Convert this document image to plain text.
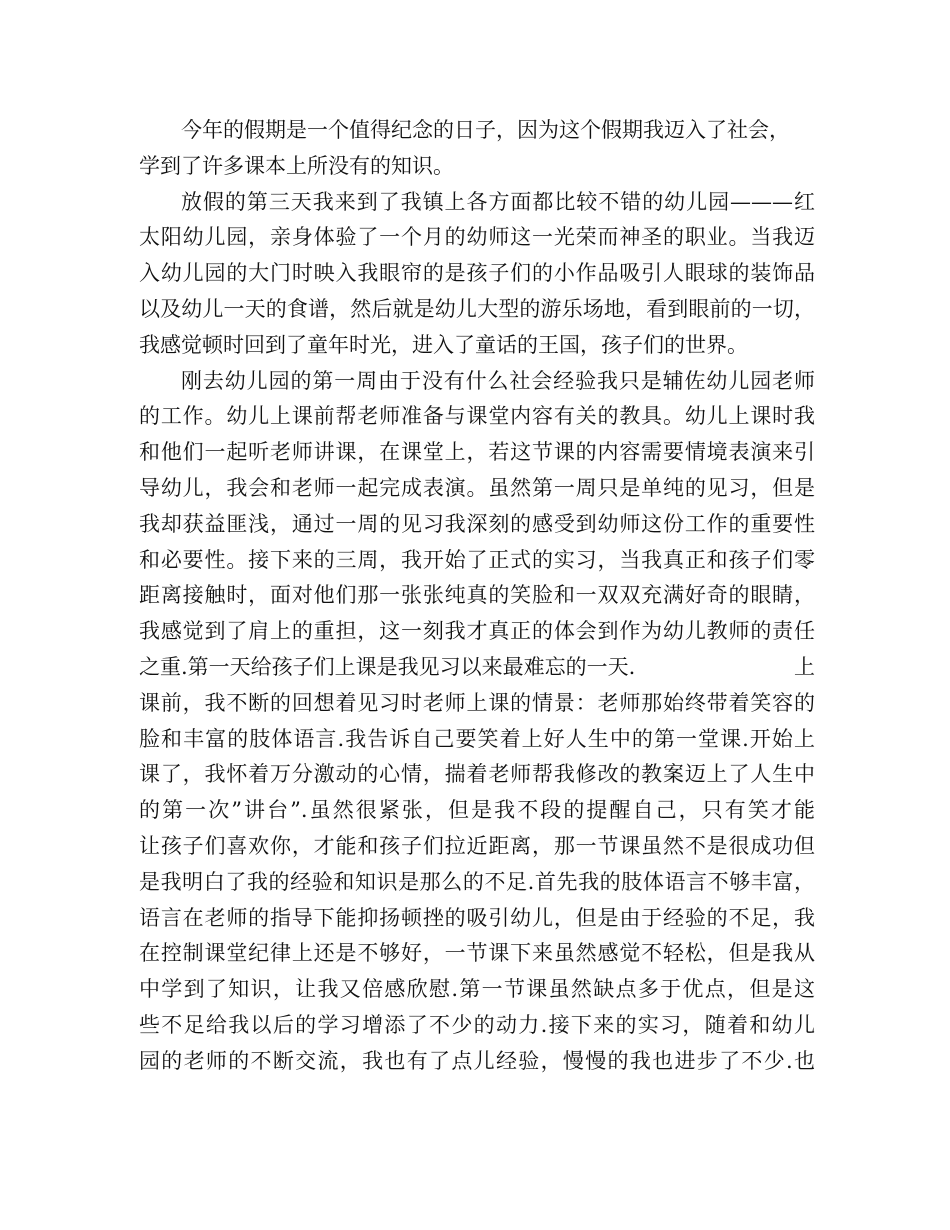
今年的假期是一个值得纪念的日子，因为这个假期我迈入了社会，
学到了许多课本上所没有的知识。
放假的第三天我来到了我镇上各方面都比较不错的幼儿园———红
太阳幼儿园，亲身体验了一个月的幼师这一光荣而神圣的职业。当我迈
入幼儿园的大门时映入我眼帘的是孩子们的小作品吸引人眼球的装饰品
以及幼儿一天的食谱，然后就是幼儿大型的游乐场地，看到眼前的一切，
我感觉顿时回到了童年时光，进入了童话的王国，孩子们的世界。
刚去幼儿园的第一周由于没有什么社会经验我只是辅佐幼儿园老师
的工作。幼儿上课前帮老师准备与课堂内容有关的教具。幼儿上课时我
和他们一起听老师讲课，在课堂上，若这节课的内容需要情境表演来引
导幼儿，我会和老师一起完成表演。虽然第一周只是单纯的见习，但是
我却获益匪浅，通过一周的见习我深刻的感受到幼师这份工作的重要性
和必要性。接下来的三周，我开始了正式的实习，当我真正和孩子们零
距离接触时，面对他们那一张张纯真的笑脸和一双双充满好奇的眼睛，
我感觉到了肩上的重担，这一刻我才真正的体会到作为幼儿教师的责任
之重.第一天给孩子们上课是我见习以来最难忘的一天.	上
课前，我不断的回想着见习时老师上课的情景：老师那始终带着笑容的
脸和丰富的肢体语言.我告诉自己要笑着上好人生中的第一堂课.开始上
课了，我怀着万分激动的心情，揣着老师帮我修改的教案迈上了人生中
的第一次”讲台”.虽然很紧张，但是我不段的提醒自己，只有笑才能
让孩子们喜欢你，才能和孩子们拉近距离，那一节课虽然不是很成功但
是我明白了我的经验和知识是那么的不足.首先我的肢体语言不够丰富，
语言在老师的指导下能抑扬顿挫的吸引幼儿，但是由于经验的不足，我
在控制课堂纪律上还是不够好，一节课下来虽然感觉不轻松，但是我从
中学到了知识，让我又倍感欣慰.第一节课虽然缺点多于优点，但是这
些不足给我以后的学习增添了不少的动力.接下来的实习，随着和幼儿
园的老师的不断交流，我也有了点儿经验，慢慢的我也进步了不少.也
